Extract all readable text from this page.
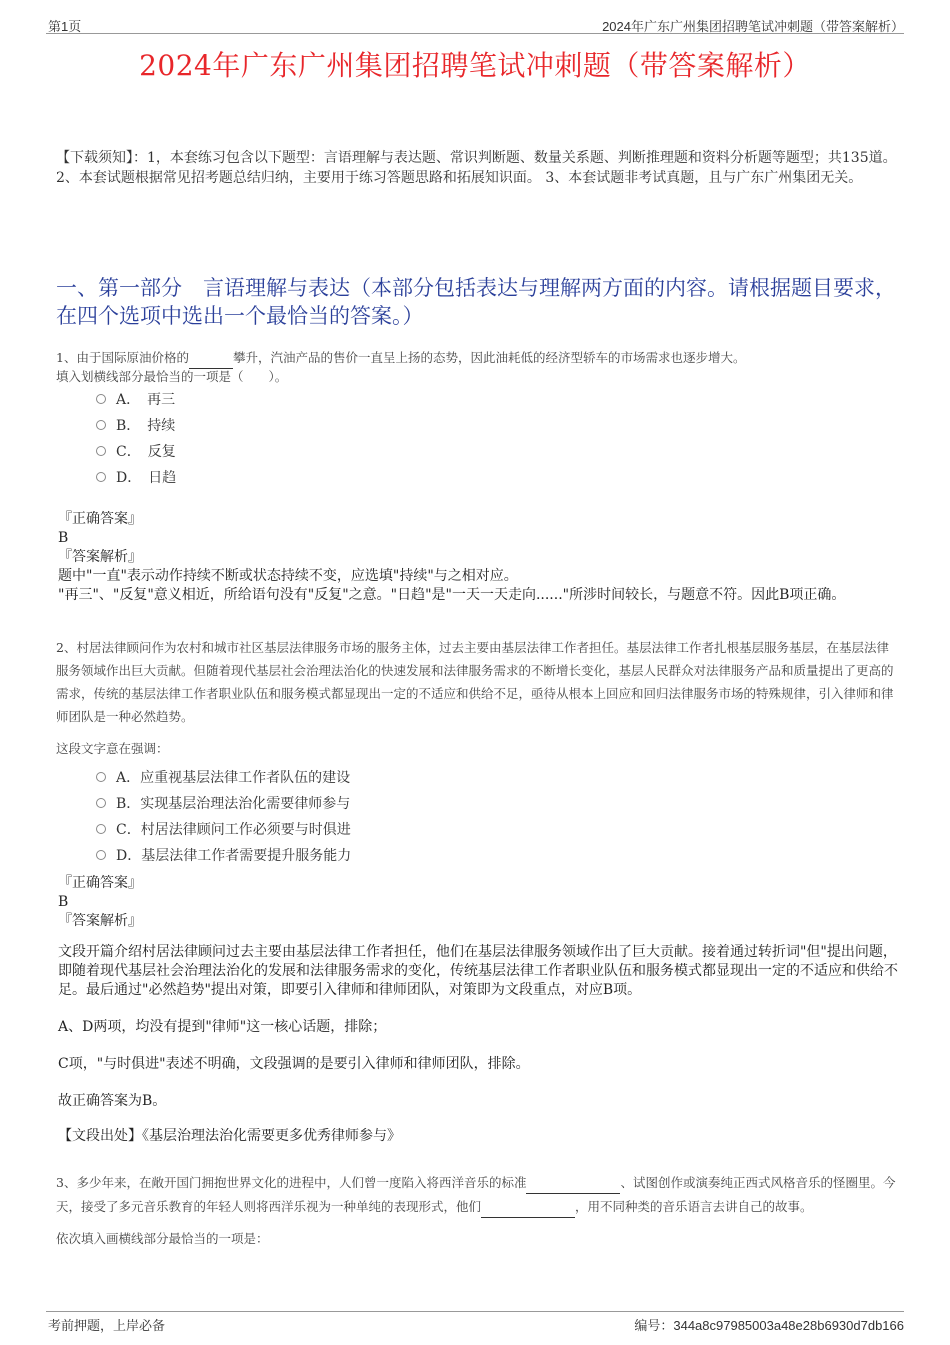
第1页	2024年广东广州集团招聘笔试冲刺题（带答案解析）
2024年广东广州集团招聘笔试冲刺题（带答案解析）
【下载须知】：1，本套练习包含以下题型：言语理解与表达题、常识判断题、数量关系题、判断推理题和资料分析题等题型；共135道。 2、本套试题根据常见招考题总结归纳，主要用于练习答题思路和拓展知识面。 3、本套试题非考试真题，且与广东广州集团无关。
一、第一部分　言语理解与表达（本部分包括表达与理解两方面的内容。请根据题目要求，在四个选项中选出一个最恰当的答案。）

1、由于国际原油价格的	攀升，汽油产品的售价一直呈上扬的态势，因此油耗低的经济型轿车的市场需求也逐步增大。

填入划横线部分最恰当的一项是（　　）。

A．　再三
B．　持续
C．　反复
D．　日趋

『正确答案』

B

『答案解析』

题中"一直"表示动作持续不断或状态持续不变，应选填"持续"与之相对应。

"再三"、"反复"意义相近，所给语句没有"反复"之意。"日趋"是"一天一天走向......"所涉时间较长，与题意不符。因此B项正确。

2、村居法律顾问作为农村和城市社区基层法律服务市场的服务主体，过去主要由基层法律工作者担任。基层法律工作者扎根基层服务基层，在基层法律服务领域作出巨大贡献。但随着现代基层社会治理法治化的快速发展和法律服务需求的不断增长变化，基层人民群众对法律服务产品和质量提出了更高的需求，传统的基层法律工作者职业队伍和服务模式都显现出一定的不适应和供给不足，亟待从根本上回应和回归法律服务市场的特殊规律，引入律师和律师团队是一种必然趋势。

这段文字意在强调：

A．应重视基层法律工作者队伍的建设
B．实现基层治理法治化需要律师参与
C．村居法律顾问工作必须要与时俱进
D．基层法律工作者需要提升服务能力

『正确答案』

B

『答案解析』

文段开篇介绍村居法律顾问过去主要由基层法律工作者担任，他们在基层法律服务领域作出了巨大贡献。接着通过转折词"但"提出问题，即随着现代基层社会治理法治化的发展和法律服务需求的变化，传统基层法律工作者职业队伍和服务模式都显现出一定的不适应和供给不足。最后通过"必然趋势"提出对策，即要引入律师和律师团队，对策即为文段重点，对应B项。

A、D两项，均没有提到"律师"这一核心话题，排除；

C项，"与时俱进"表述不明确，文段强调的是要引入律师和律师团队，排除。

故正确答案为B。

【文段出处】《基层治理法治化需要更多优秀律师参与》

3、多少年来，在敞开国门拥抱世界文化的进程中，人们曾一度陷入将西洋音乐的标准	、试图创作或演奏纯正西式风格音乐的怪圈里。今天，接受了多元音乐教育的年轻人则将西洋乐视为一种单纯的表现形式，他们	，用不同种类的音乐语言去讲自己的故事。

依次填入画横线部分最恰当的一项是：

考前押题，上岸必备	编号：344a8c97985003a48e28b6930d7db166
